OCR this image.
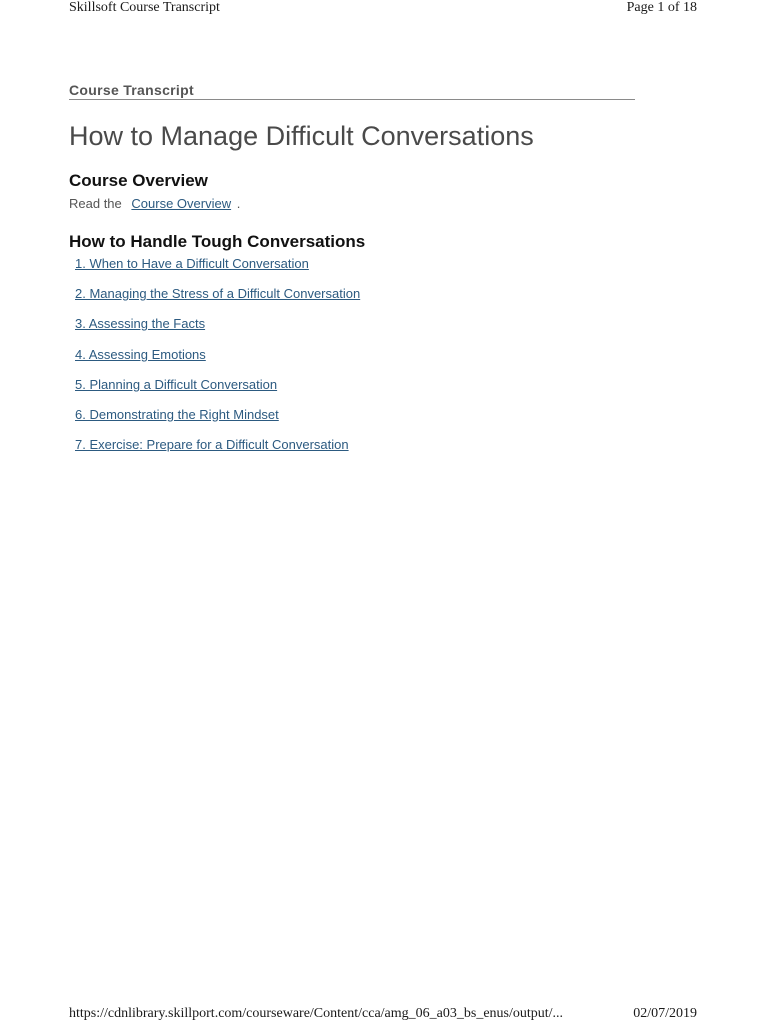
Skillsoft Course Transcript	Page 1 of 18
Course Transcript
How to Manage Difficult Conversations
Course Overview
Read the Course Overview .
How to Handle Tough Conversations
1. When to Have a Difficult Conversation
2. Managing the Stress of a Difficult Conversation
3. Assessing the Facts
4. Assessing Emotions
5. Planning a Difficult Conversation
6. Demonstrating the Right Mindset
7. Exercise: Prepare for a Difficult Conversation
https://cdnlibrary.skillport.com/courseware/Content/cca/amg_06_a03_bs_enus/output/...	02/07/2019
